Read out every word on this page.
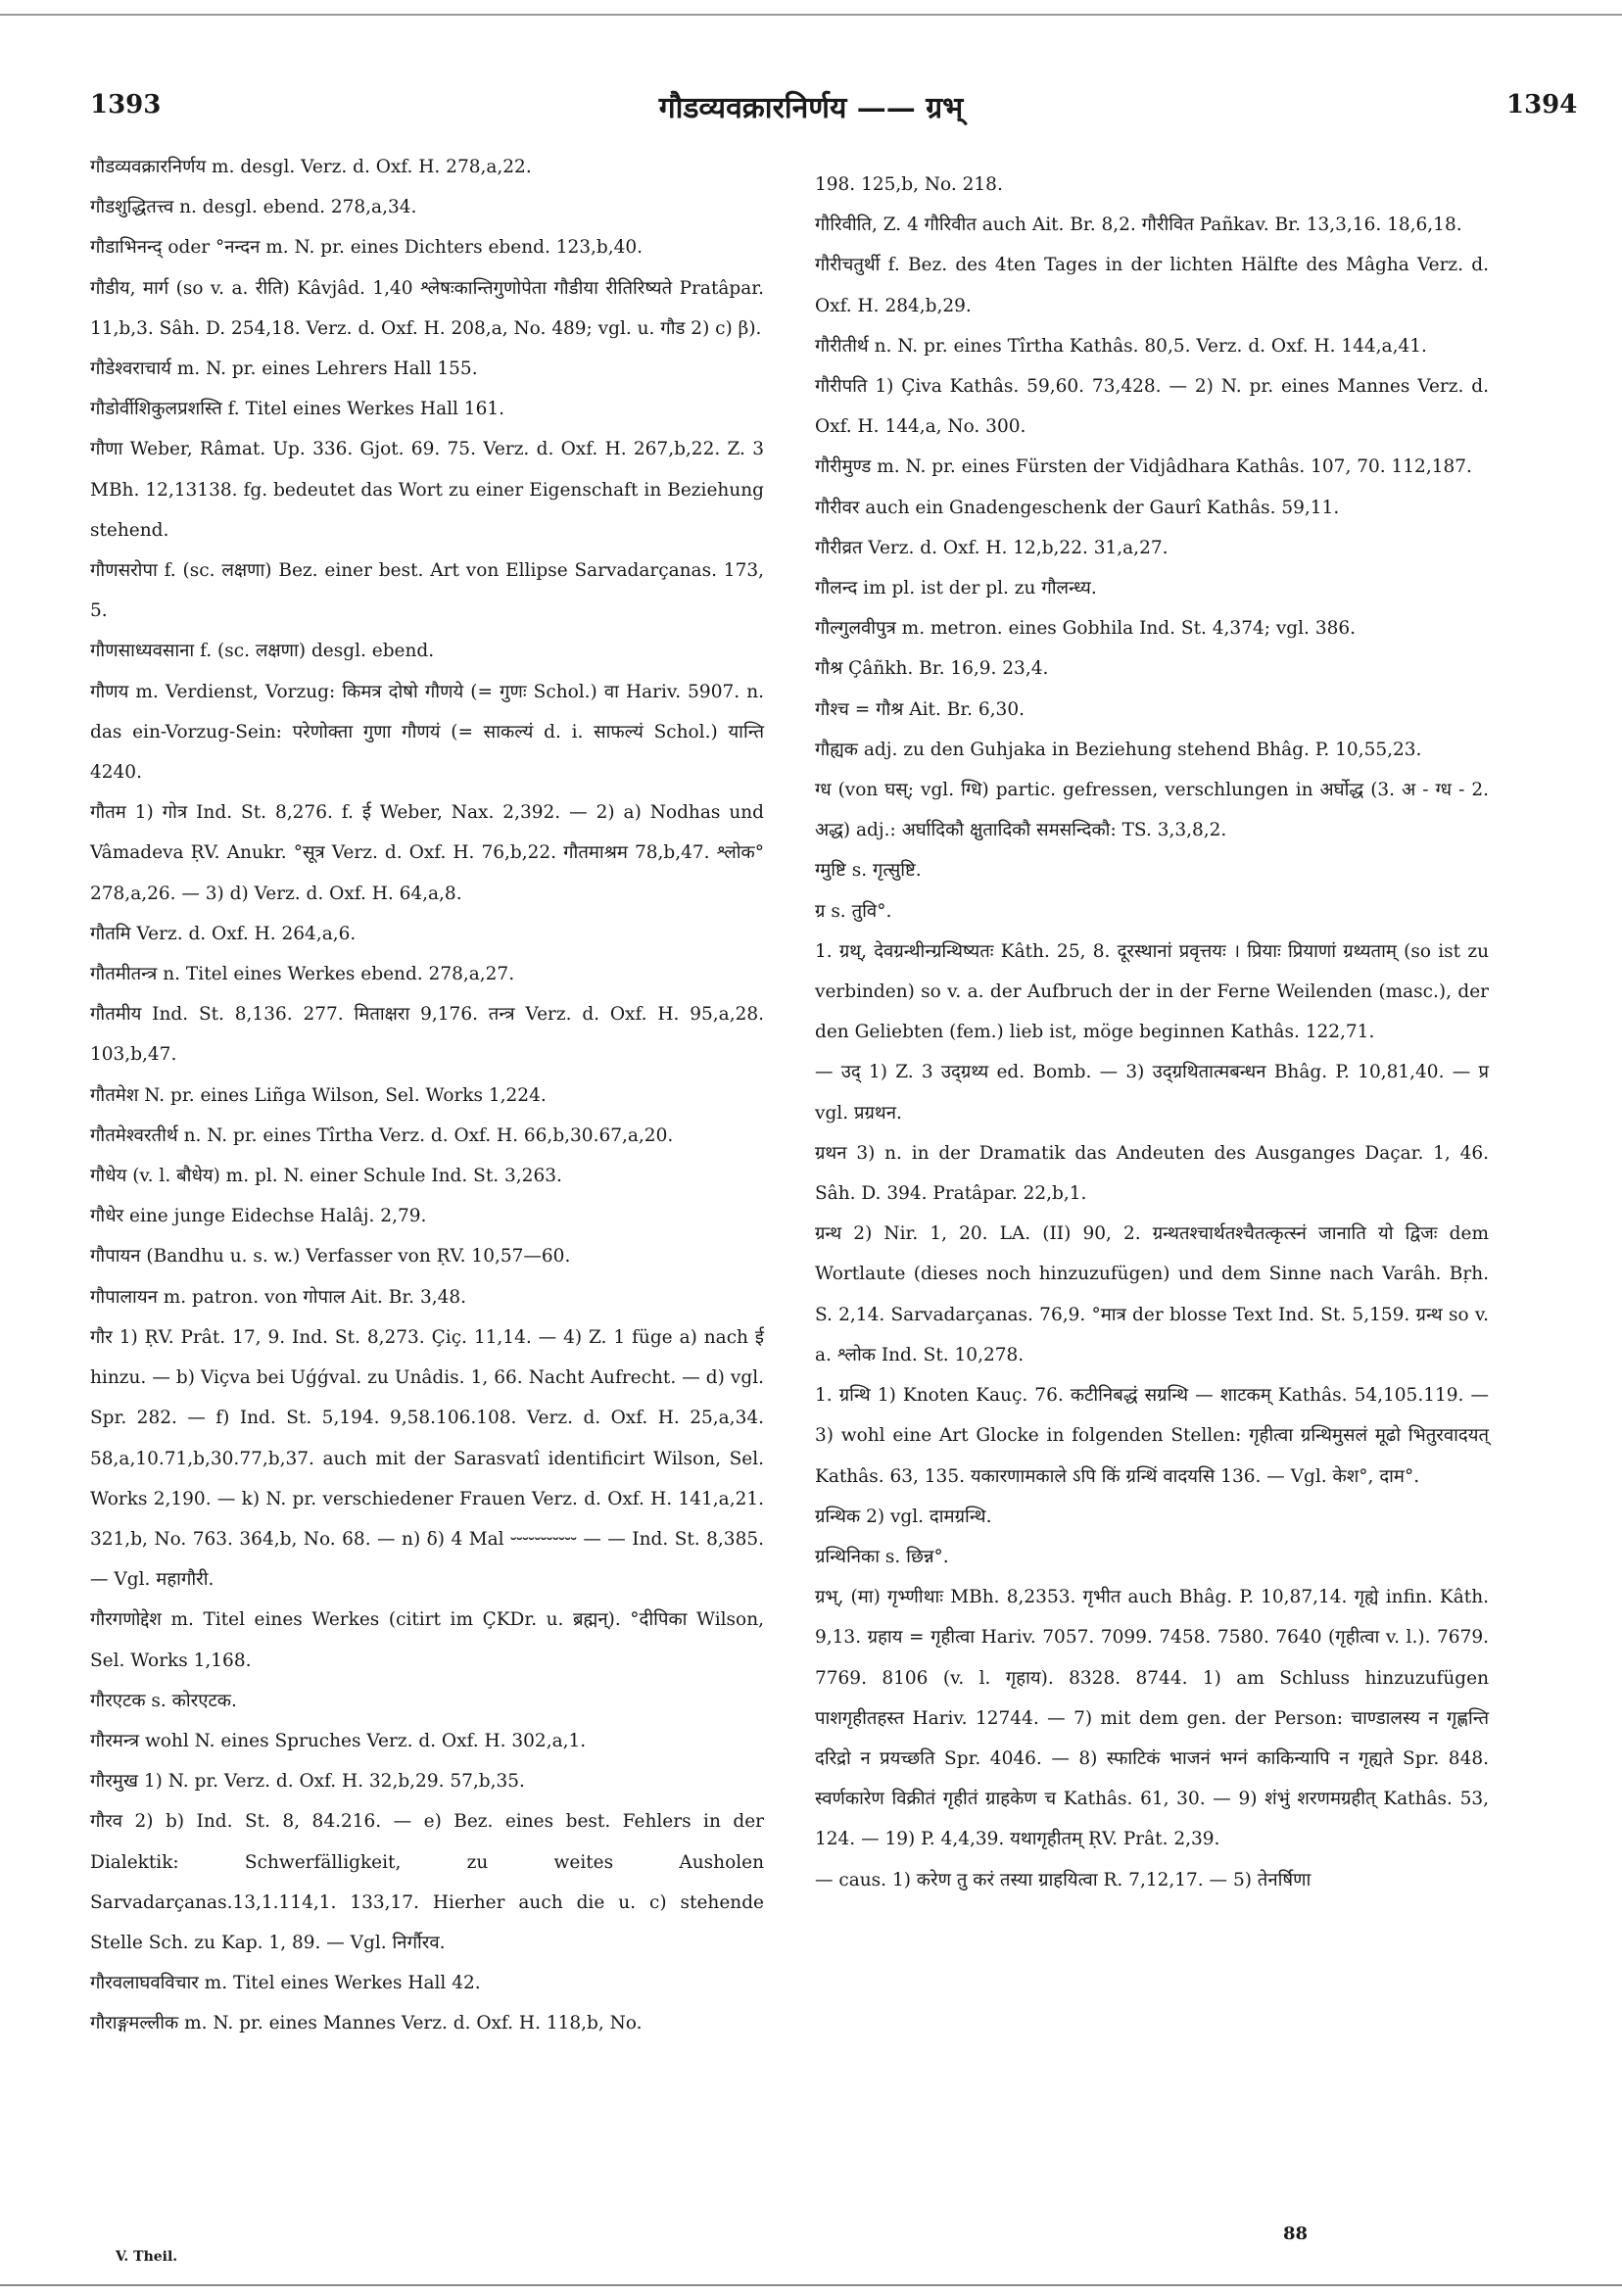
1393	गौडव्यवक्रारनिर्णय —— ग्रभ्	1394

गौडव्यवक्रारनिर्णय m. desgl. Verz. d. Oxf. H. 278,a,22.

गौडशुद्धितत्त्व n. desgl. ebend. 278,a,34.

गौडाभिनन्द् oder °नन्दन m. N. pr. eines Dichters ebend. 123,b,40.

गौडीय, मार्ग (so v. a. रीति) Kâvjâd. 1,40 श्लेषःकान्तिगुणोपेता गौडीया रीतिरिष्यते Pratâpar. 11,b,3. Sâh. D. 254,18. Verz. d. Oxf. H. 208,a, No. 489; vgl. u. गौड 2) c) β).

गौडेश्वराचार्य m. N. pr. eines Lehrers Hall 155.

गौडोर्वीशिकुलप्रशस्ति f. Titel eines Werkes Hall 161.

गौणा Weber, Râmat. Up. 336. Gjot. 69. 75. Verz. d. Oxf. H. 267,b,22. Z. 3 MBh. 12,13138. fg. bedeutet das Wort zu einer Eigenschaft in Beziehung stehend.

गौणसरोपा f. (sc. लक्षणा) Bez. einer best. Art von Ellipse Sarvadarçanas. 173, 5.

गौणसाध्यवसाना f. (sc. लक्षणा) desgl. ebend.

गौणय m. Verdienst, Vorzug: किमत्र दोषो गौणये (= गुणः Schol.) वा Hariv. 5907. n. das ein-Vorzug-Sein: परेणोक्ता गुणा गौणयं (= साकल्यं d. i. साफल्यं Schol.) यान्ति 4240.

गौतम 1) गोत्र Ind. St. 8,276. f. ई Weber, Nax. 2,392. — 2) a) Nodhas und Vâmadeva ṚV. Anukr. °सूत्र Verz. d. Oxf. H. 76,b,22. गौतमाश्रम 78,b,47. श्लोक° 278,a,26. — 3) d) Verz. d. Oxf. H. 64,a,8.

गौतमि Verz. d. Oxf. H. 264,a,6.

गौतमीतन्त्र n. Titel eines Werkes ebend. 278,a,27.

गौतमीय Ind. St. 8,136. 277. मिताक्षरा 9,176. तन्त्र Verz. d. Oxf. H. 95,a,28. 103,b,47.

गौतमेश N. pr. eines Liñga Wilson, Sel. Works 1,224.

गौतमेश्वरतीर्थ n. N. pr. eines Tîrtha Verz. d. Oxf. H. 66,b,30.67,a,20.

गौधेय (v. l. बौधेय) m. pl. N. einer Schule Ind. St. 3,263.

गौधेर eine junge Eidechse Halâj. 2,79.

गौपायन (Bandhu u. s. w.) Verfasser von ṚV. 10,57—60.

गौपालायन m. patron. von गोपाल Ait. Br. 3,48.

गौर 1) ṚV. Prât. 17, 9. Ind. St. 8,273. Çiç. 11,14. — 4) Z. 1 füge a) nach ई hinzu. — b) Viçva bei Uǵǵval. zu Unâdis. 1, 66. Nacht Aufrecht. — d) vgl. Spr. 282. — f) Ind. St. 5,194. 9,58.106.108. Verz. d. Oxf. H. 25,a,34. 58,a,10.71,b,30.77,b,37. auch mit der Sarasvatî identificirt Wilson, Sel. Works 2,190. — k) N. pr. verschiedener Frauen Verz. d. Oxf. H. 141,a,21. 321,b, No. 763. 364,b, No. 68. — n) δ) 4 Mal ⏑⏑⏑⏑⏑⏑⏑⏑⏑⏑⏑ — — Ind. St. 8,385. — Vgl. महागौरी.

गौरगणोद्देश m. Titel eines Werkes (citirt im ÇKDr. u. ब्रह्मन्). °दीपिका Wilson, Sel. Works 1,168.

गौरएटक s. कोरएटक.

गौरमन्त्र wohl N. eines Spruches Verz. d. Oxf. H. 302,a,1.

गौरमुख 1) N. pr. Verz. d. Oxf. H. 32,b,29. 57,b,35.

गौरव 2) b) Ind. St. 8, 84.216. — e) Bez. eines best. Fehlers in der Dialektik: Schwerfälligkeit, zu weites Ausholen Sarvadarçanas.13,1.114,1. 133,17. Hierher auch die u. c) stehende Stelle Sch. zu Kap. 1, 89. — Vgl. निर्गौरव.

गौरवलाघवविचार m. Titel eines Werkes Hall 42.

गौराङ्गमल्लीक m. N. pr. eines Mannes Verz. d. Oxf. H. 118,b, No.

198. 125,b, No. 218.

गौरिवीति, Z. 4 गौरिवीत auch Ait. Br. 8,2. गौरीवित Pañkav. Br. 13,3,16. 18,6,18.

गौरीचतुर्थी f. Bez. des 4ten Tages in der lichten Hälfte des Mâgha Verz. d. Oxf. H. 284,b,29.

गौरीतीर्थ n. N. pr. eines Tîrtha Kathâs. 80,5. Verz. d. Oxf. H. 144,a,41.

गौरीपति 1) Çiva Kathâs. 59,60. 73,428. — 2) N. pr. eines Mannes Verz. d. Oxf. H. 144,a, No. 300.

गौरीमुण्ड m. N. pr. eines Fürsten der Vidjâdhara Kathâs. 107, 70. 112,187.

गौरीवर auch ein Gnadengeschenk der Gaurî Kathâs. 59,11.

गौरीव्रत Verz. d. Oxf. H. 12,b,22. 31,a,27.

गौलन्द im pl. ist der pl. zu गौलन्ध्य.

गौल्गुलवीपुत्र m. metron. eines Gobhila Ind. St. 4,374; vgl. 386.

गौश्र Çâñkh. Br. 16,9. 23,4.

गौश्च = गौश्र Ait. Br. 6,30.

गौह्यक adj. zu den Guhjaka in Beziehung stehend Bhâg. P. 10,55,23.

ग्ध (von घस्; vgl. ग्धि) partic. gefressen, verschlungen in अर्घोद्ध (3. अ - ग्ध - 2. अद्ध) adj.: अर्घादिकौ क्षुतादिकौ समसन्दिकौ: TS. 3,3,8,2.

ग्मुष्टि s. गृत्सुष्टि.

ग्र s. तुवि°.

1. ग्रथ्, देवग्रन्थीन्ग्रन्थिष्यतः Kâth. 25, 8. दूरस्थानां प्रवृत्तयः । प्रियाः प्रियाणां ग्रथ्यताम् (so ist zu verbinden) so v. a. der Aufbruch der in der Ferne Weilenden (masc.), der den Geliebten (fem.) lieb ist, möge beginnen Kathâs. 122,71.

— उद् 1) Z. 3 उद्ग्रथ्य ed. Bomb. — 3) उद्ग्रथितात्मबन्धन Bhâg. P. 10,81,40. — प्र vgl. प्रग्रथन.

ग्रथन 3) n. in der Dramatik das Andeuten des Ausganges Daçar. 1, 46. Sâh. D. 394. Pratâpar. 22,b,1.

ग्रन्थ 2) Nir. 1, 20. LA. (II) 90, 2. ग्रन्थतश्चार्थतश्चैतत्कृत्स्नं जानाति यो द्विजः dem Wortlaute (dieses noch hinzuzufügen) und dem Sinne nach Varâh. Bṛh. S. 2,14. Sarvadarçanas. 76,9. °मात्र der blosse Text Ind. St. 5,159. ग्रन्थ so v. a. श्लोक Ind. St. 10,278.

1. ग्रन्थि 1) Knoten Kauç. 76. कटीनिबद्धं सग्रन्थि — शाटकम् Kathâs. 54,105.119. — 3) wohl eine Art Glocke in folgenden Stellen: गृहीत्वा ग्रन्थिमुसलं मूढो भितुरवादयत् Kathâs. 63, 135. यकारणामकाले ऽपि किं ग्रन्थिं वादयसि 136. — Vgl. केश°, दाम°.

ग्रन्थिक 2) vgl. दामग्रन्थि.

ग्रन्थिनिका s. छिन्न°.

ग्रभ्, (मा) गृभ्णीथाः MBh. 8,2353. गृभीत auch Bhâg. P. 10,87,14. गृह्ये infin. Kâth. 9,13. ग्रहाय = गृहीत्वा Hariv. 7057. 7099. 7458. 7580. 7640 (गृहीत्वा v. l.). 7679. 7769. 8106 (v. l. गृहाय). 8328. 8744. 1) am Schluss hinzuzufügen पाशगृहीतहस्त Hariv. 12744. — 7) mit dem gen. der Person: चाण्डालस्य न गृह्णन्ति दरिद्रो न प्रयच्छति Spr. 4046. — 8) स्फाटिकं भाजनं भग्नं काकिन्यापि न गृह्यते Spr. 848. स्वर्णकारेण विक्रीतं गृहीतं ग्राहकेण च Kathâs. 61, 30. — 9) शंभुं शरणमग्रहीत् Kathâs. 53, 124. — 19) P. 4,4,39. यथागृहीतम् ṚV. Prât. 2,39.

— caus. 1) करेण तु करं तस्या ग्राहयित्वा R. 7,12,17. — 5) तेनर्षिणा

V. Theil.
88
